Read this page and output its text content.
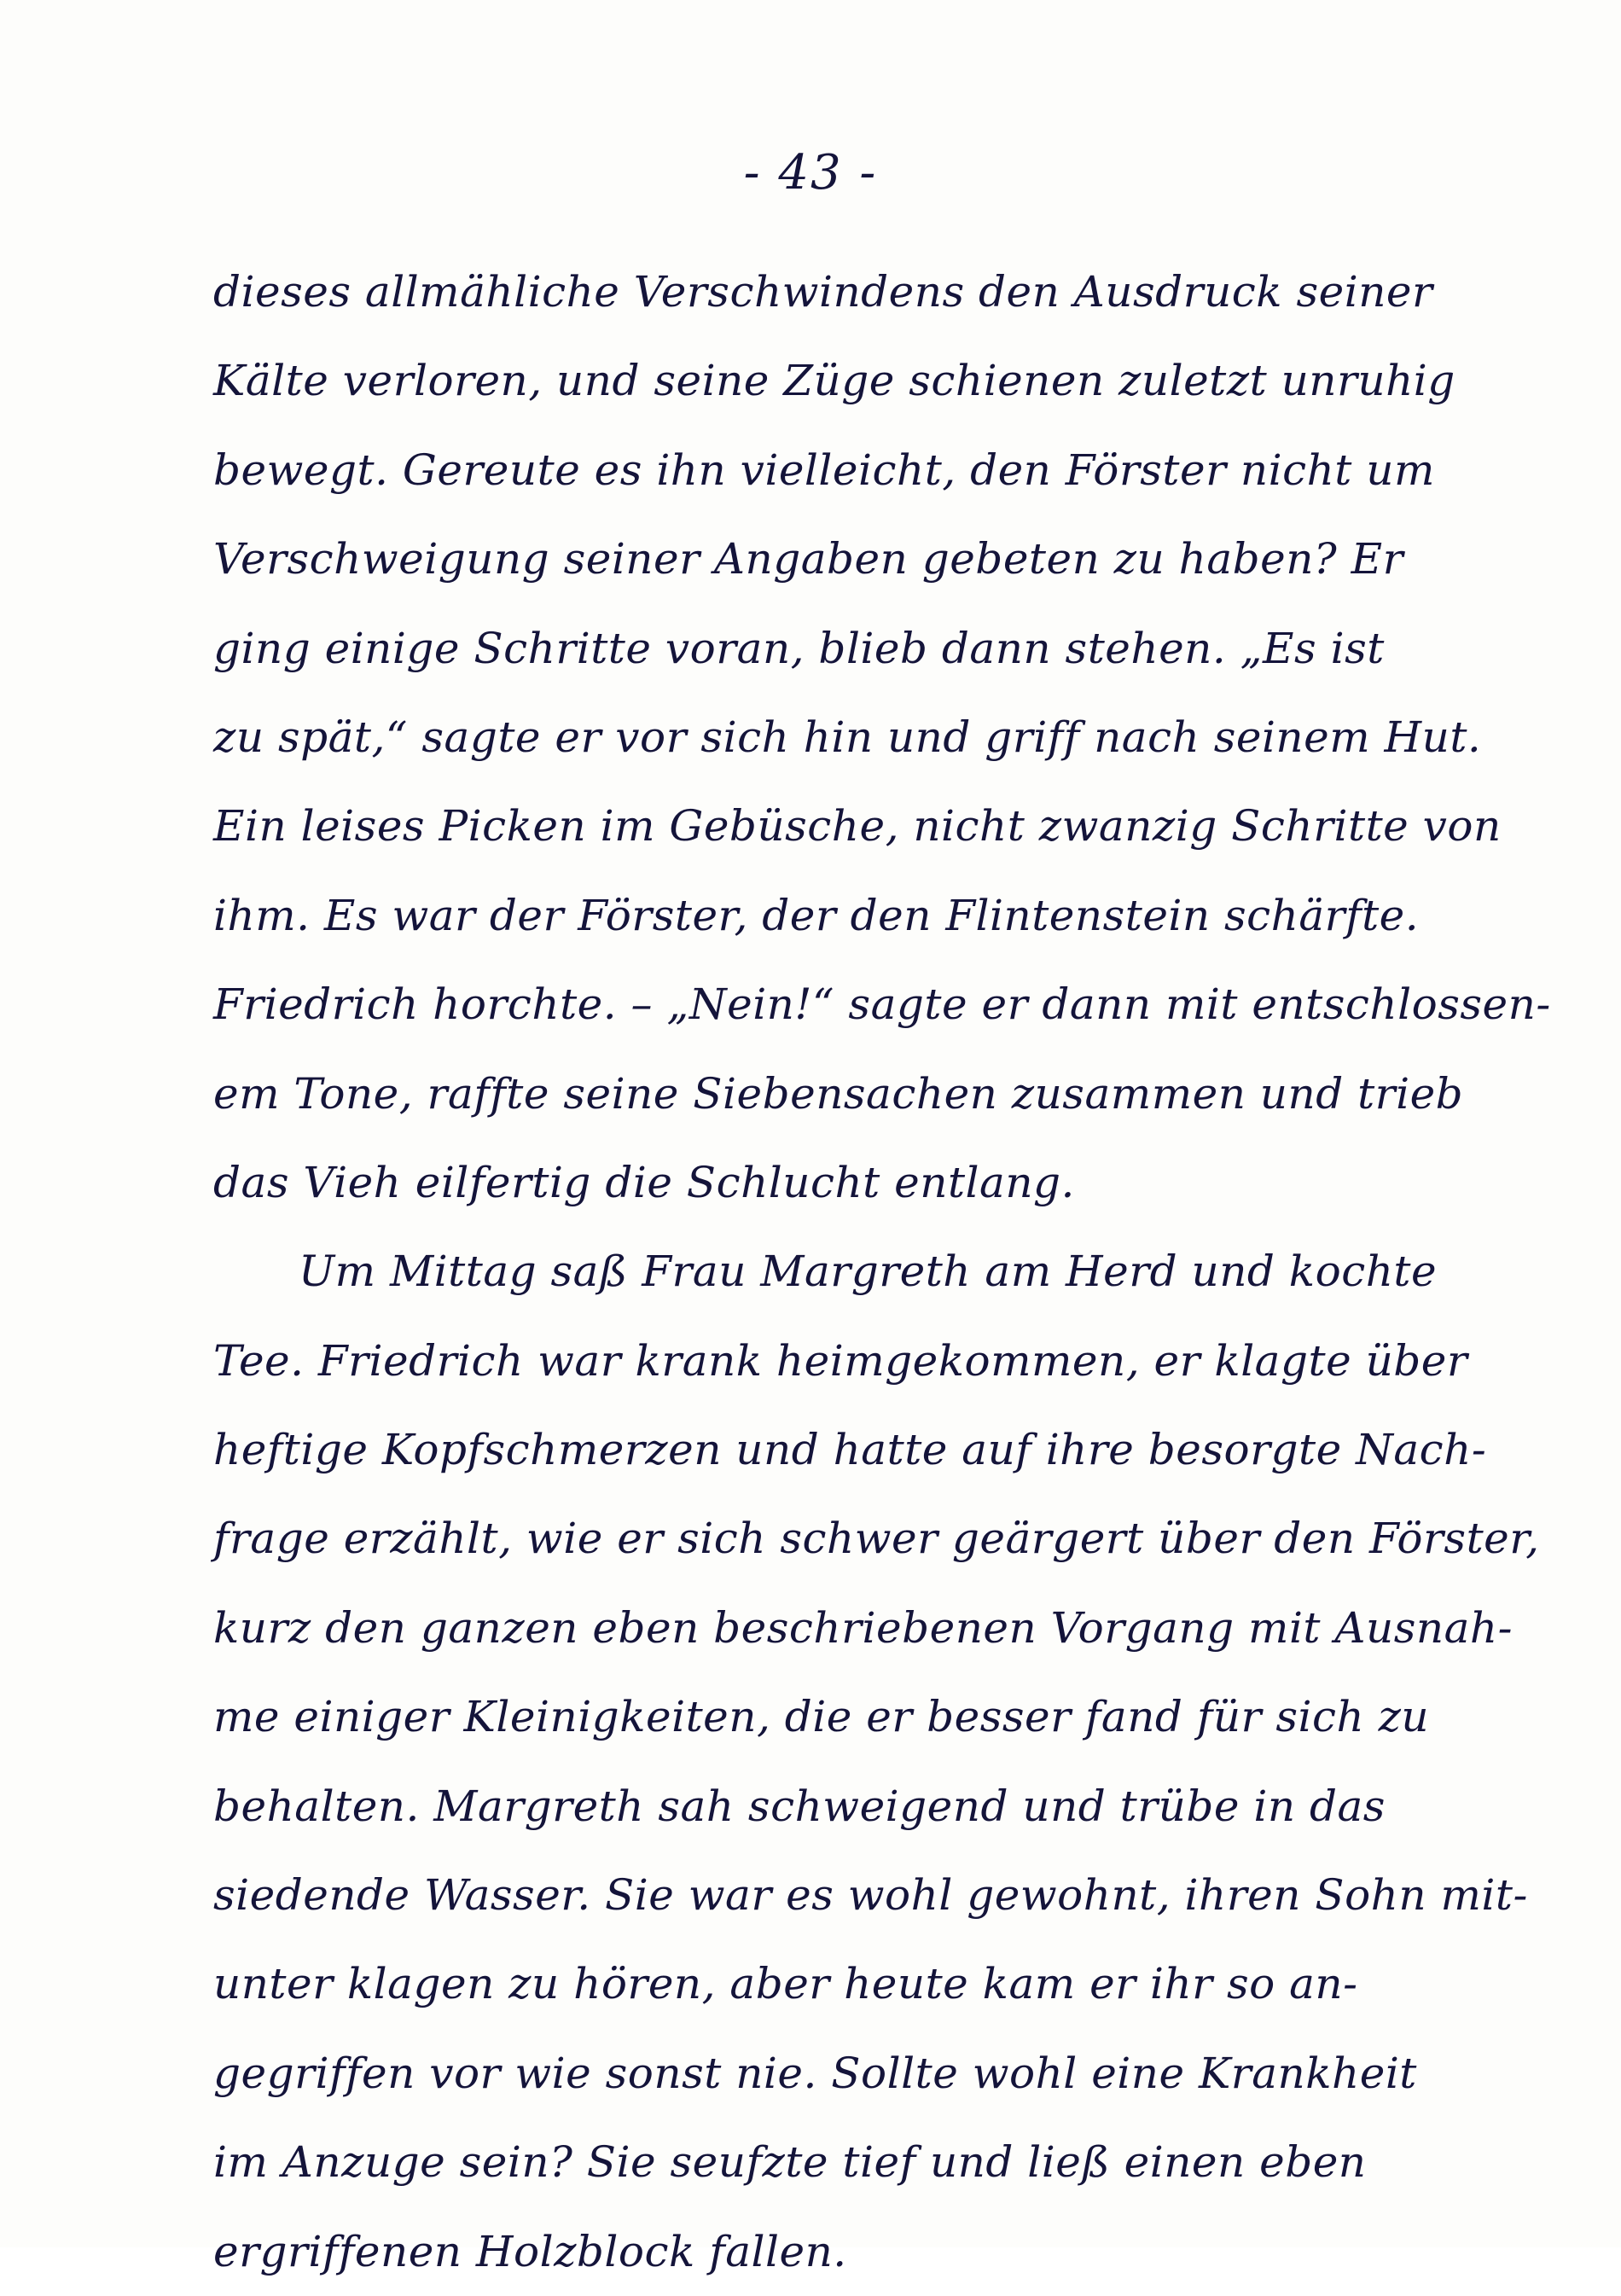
- 43 -
dieses allmähliche Verschwindens den Ausdruck seiner
Kälte verloren, und seine Züge schienen zuletzt unruhig
bewegt. Gereute es ihn vielleicht, den Förster nicht um
Verschweigung seiner Angaben gebeten zu haben? Er
ging einige Schritte voran, blieb dann stehen. „Es ist
zu spät,“ sagte er vor sich hin und griff nach seinem Hut.
Ein leises Picken im Gebüsche, nicht zwanzig Schritte von
ihm. Es war der Förster, der den Flintenstein schärfte.
Friedrich horchte. – „Nein!“ sagte er dann mit entschlossen-
em Tone, raffte seine Siebensachen zusammen und trieb
das Vieh eilfertig die Schlucht entlang.
Um Mittag saß Frau Margreth am Herd und kochte
Tee. Friedrich war krank heimgekommen, er klagte über
heftige Kopfschmerzen und hatte auf ihre besorgte Nach-
frage erzählt, wie er sich schwer geärgert über den Förster,
kurz den ganzen eben beschriebenen Vorgang mit Ausnah-
me einiger Kleinigkeiten, die er besser fand für sich zu
behalten. Margreth sah schweigend und trübe in das
siedende Wasser. Sie war es wohl gewohnt, ihren Sohn mit-
unter klagen zu hören, aber heute kam er ihr so an-
gegriffen vor wie sonst nie. Sollte wohl eine Krankheit
im Anzuge sein? Sie seufzte tief und ließ einen eben
ergriffenen Holzblock fallen.
